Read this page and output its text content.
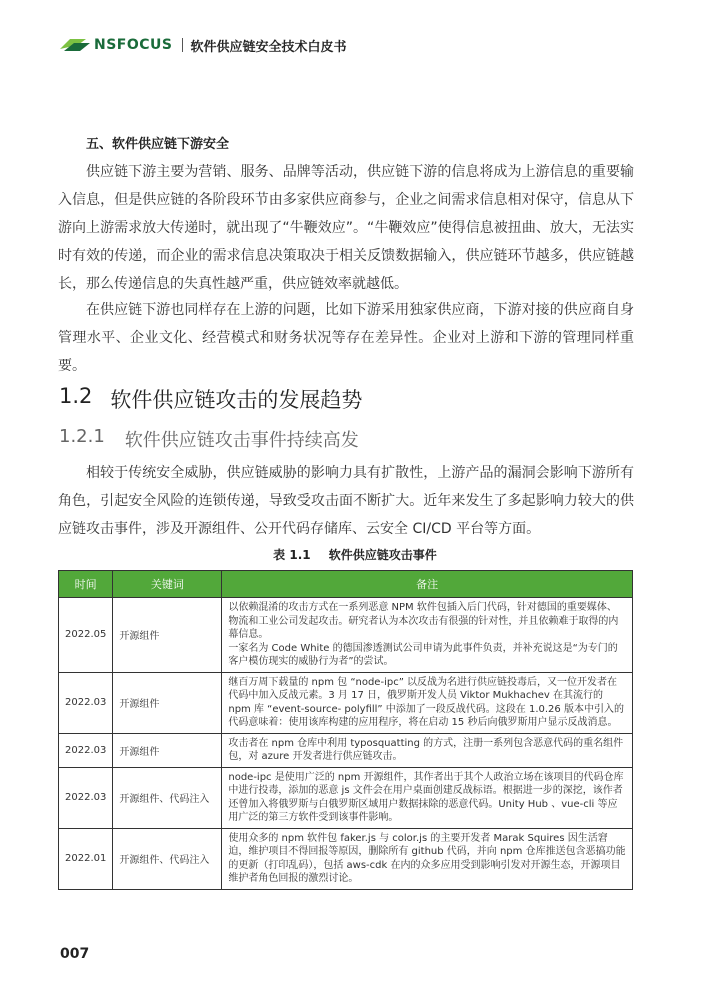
NSFOCUS 软件供应链安全技术白皮书
五、软件供应链下游安全

供应链下游主要为营销、服务、品牌等活动，供应链下游的信息将成为上游信息的重要输入信息，但是供应链的各阶段环节由多家供应商参与，企业之间需求信息相对保守，信息从下游向上游需求放大传递时，就出现了“牛鞭效应”。“牛鞭效应”使得信息被扭曲、放大，无法实时有效的传递，而企业的需求信息决策取决于相关反馈数据输入，供应链环节越多，供应链越长，那么传递信息的失真性越严重，供应链效率就越低。

在供应链下游也同样存在上游的问题，比如下游采用独家供应商，下游对接的供应商自身管理水平、企业文化、经营模式和财务状况等存在差异性。企业对上游和下游的管理同样重要。

1.2 软件供应链攻击的发展趋势
1.2.1 软件供应链攻击事件持续高发

相较于传统安全威胁，供应链威胁的影响力具有扩散性，上游产品的漏洞会影响下游所有角色，引起安全风险的连锁传递，导致受攻击面不断扩大。近年来发生了多起影响力较大的供应链攻击事件，涉及开源组件、公开代码存储库、云安全 CI/CD 平台等方面。

表 1.1 软件供应链攻击事件
时间	关键词	备注
2022.05	开源组件	以依赖混淆的攻击方式在一系列恶意 NPM 软件包插入后门代码，针对德国的重要媒体、物流和工业公司发起攻击。研究者认为本次攻击有很强的针对性，并且依赖难于取得的内幕信息。
一家名为 Code White 的德国渗透测试公司申请为此事件负责，并补充说这是“为专门的客户模仿现实的威胁行为者”的尝试。

2022.03	开源组件	继百万周下载量的 npm 包 “node-ipc” 以反战为名进行供应链投毒后，又一位开发者在代码中加入反战元素。3 月 17 日，俄罗斯开发人员 Viktor Mukhachev 在其流行的 npm 库 “event-source- polyfill” 中添加了一段反战代码。这段在 1.0.26 版本中引入的代码意味着：使用该库构建的应用程序，将在启动 15 秒后向俄罗斯用户显示反战消息。

2022.03	开源组件	攻击者在 npm 仓库中利用 typosquatting 的方式，注册一系列包含恶意代码的重名组件包，对 azure 开发者进行供应链攻击。

2022.03	开源组件、代码注入	node-ipc 是使用广泛的 npm 开源组件，其作者出于其个人政治立场在该项目的代码仓库中进行投毒，添加的恶意 js 文件会在用户桌面创建反战标语。根据进一步的深挖，该作者还曾加入将俄罗斯与白俄罗斯区域用户数据抹除的恶意代码。Unity Hub 、vue-cli 等应用广泛的第三方软件受到该事件影响。

2022.01	开源组件、代码注入	使用众多的 npm 软件包 faker.js 与 color.js 的主要开发者 Marak Squires 因生活窘迫，维护项目不得回报等原因，删除所有 github 代码，并向 npm 仓库推送包含恶搞功能的更新（打印乱码），包括 aws-cdk 在内的众多应用受到影响引发对开源生态，开源项目维护者角色回报的激烈讨论。
007
